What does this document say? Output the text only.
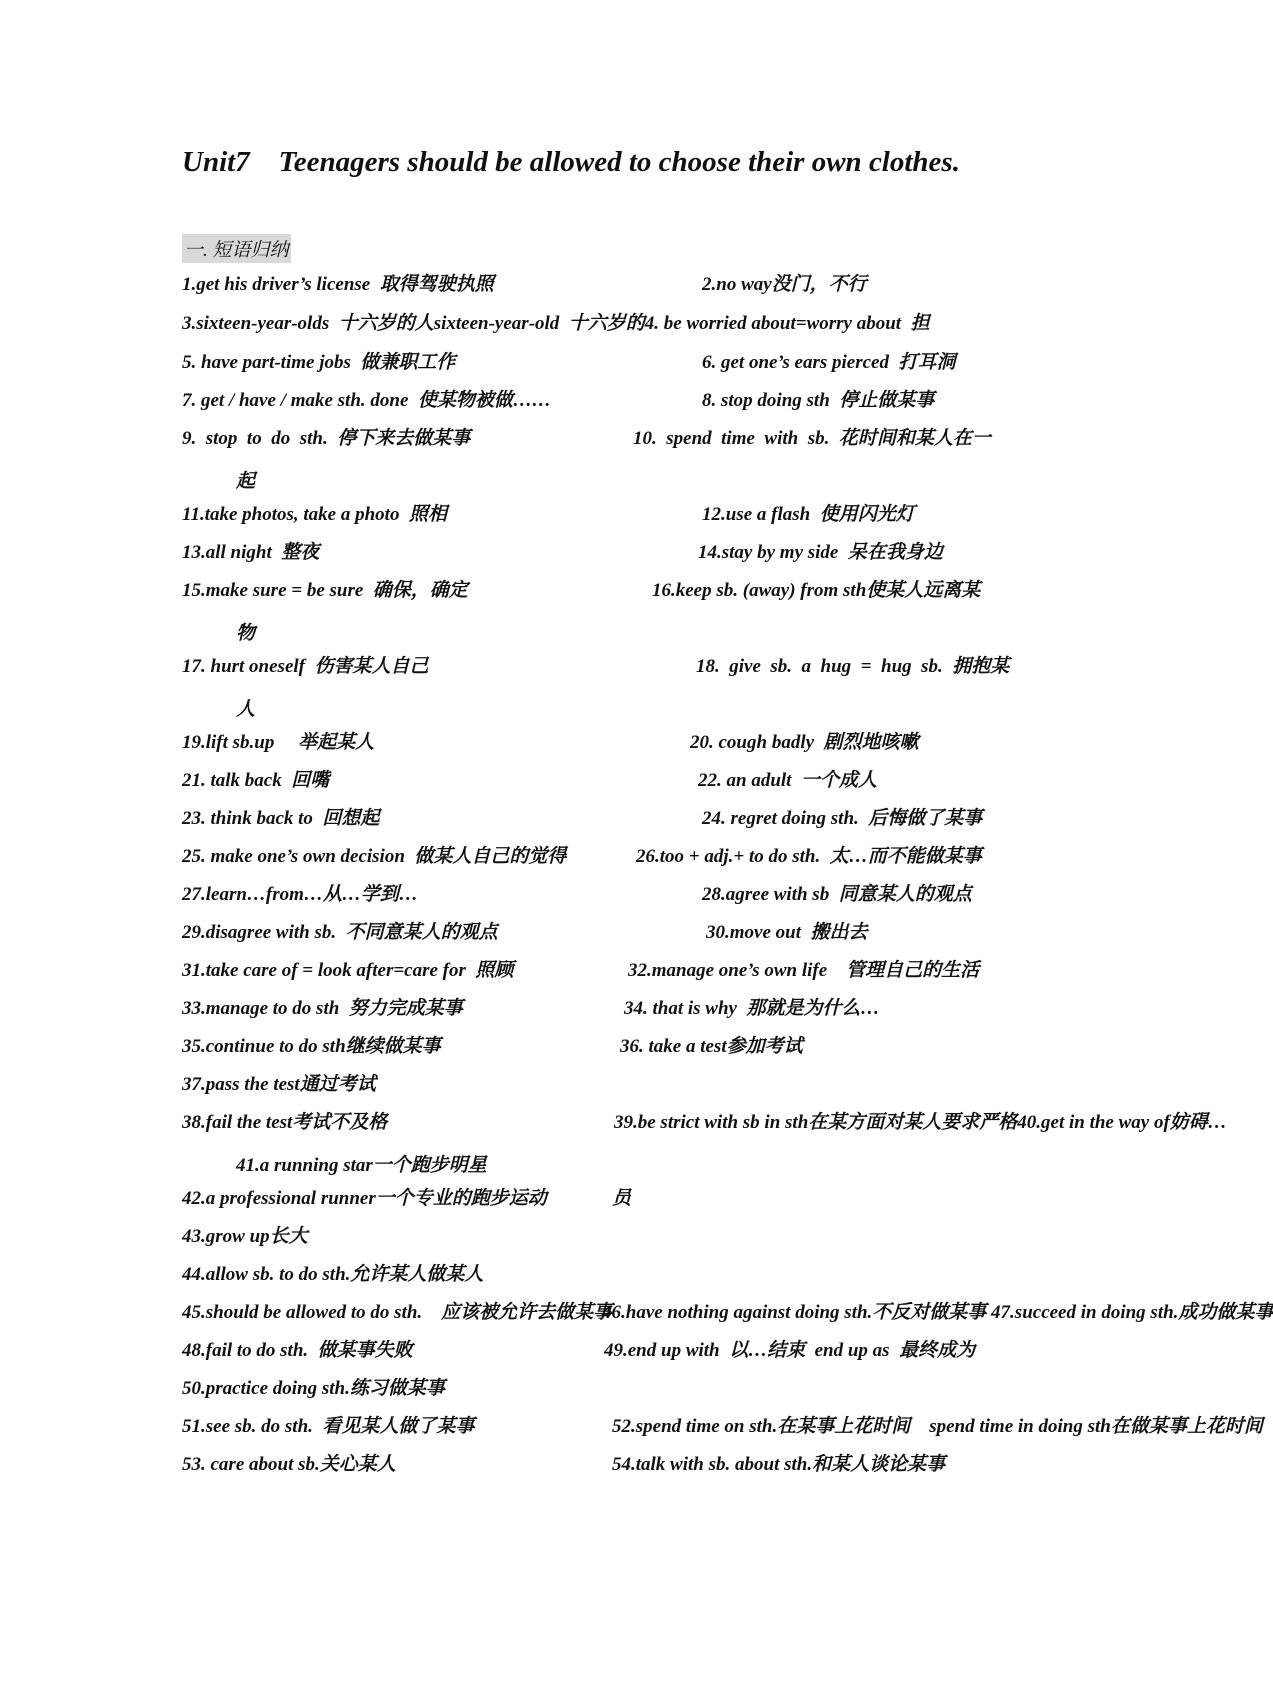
Unit7    Teenagers should be allowed to choose their own clothes.
一. 短语归纳
1.get his driver’s license  取得驾驶执照	2.no way没门，不行
3.sixteen-year-olds  十六岁的人sixteen-year-old  十六岁的4. be worried about=worry about  担
5. have part-time jobs  做兼职工作	6. get one’s ears pierced  打耳洞
7. get / have / make sth. done  使某物被做……	8. stop doing sth  停止做某事
9.  stop  to  do  sth.  停下来去做某事	10.  spend  time  with  sb.  花时间和某人在一
起
11.take photos, take a photo  照相	12.use a flash  使用闪光灯
13.all night  整夜	14.stay by my side  呆在我身边
15.make sure = be sure  确保，确定	16.keep sb. (away) from sth使某人远离某
物
17. hurt oneself  伤害某人自己	18.  give  sb.  a  hug  =  hug  sb.  拥抱某
人
19.lift sb.up     举起某人	20. cough badly  剧烈地咳嗽
21. talk back  回嘴	22. an adult  一个成人
23. think back to  回想起	24. regret doing sth.  后悔做了某事
25. make one’s own decision  做某人自己的觉得	26.too + adj.+ to do sth.  太…而不能做某事
27.learn…from…从…学到…	28.agree with sb  同意某人的观点
29.disagree with sb.  不同意某人的观点	30.move out  搬出去
31.take care of = look after=care for  照顾	32.manage one’s own life    管理自己的生活
33.manage to do sth  努力完成某事	34. that is why  那就是为什么…
35.continue to do sth继续做某事	36. take a test参加考试
37.pass the test通过考试
38.fail the test考试不及格	39.be strict with sb in sth在某方面对某人要求严格40.get in the way of妨碍…
41.a running star一个跑步明星
42.a professional runner一个专业的跑步运动	员
43.grow up长大
44.allow sb. to do sth.允许某人做某人
45.should be allowed to do sth.    应该被允许去做某事
46.have nothing against doing sth.不反对做某事 47.succeed in doing sth.成功做某事
48.fail to do sth.  做某事失败	49.end up with  以…结束  end up as  最终成为
50.practice doing sth.练习做某事
51.see sb. do sth.  看见某人做了某事	52.spend time on sth.在某事上花时间    spend time in doing sth在做某事上花时间
53. care about sb.关心某人	54.talk with sb. about sth.和某人谈论某事
